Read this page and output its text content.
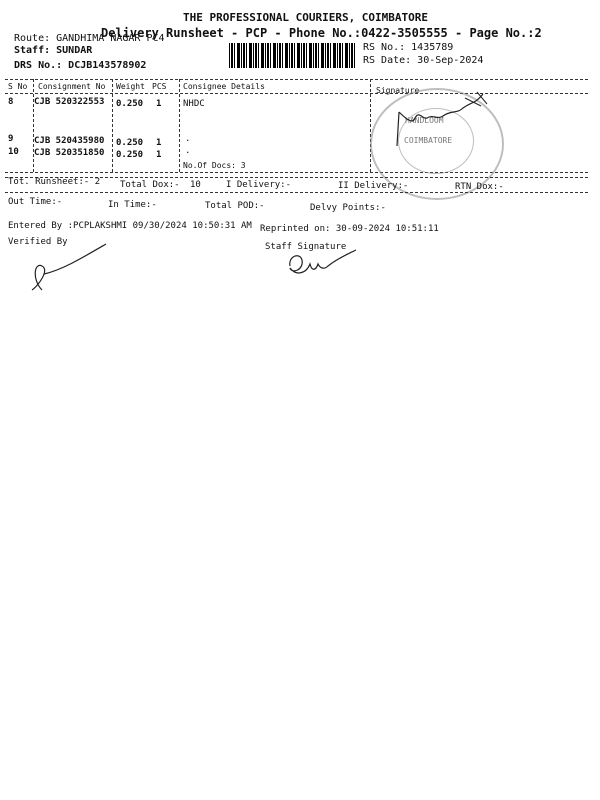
THE PROFESSIONAL COURIERS, COIMBATORE
Delivery Runsheet - PCP - Phone No.:0422-3505555 - Page No.:2
Route: GANDHIMA NAGAR PC4
Staff: SUNDAR
DRS No.: DCJB143578902
RS No.: 1435789
RS Date: 30-Sep-2024
S No Consignment No Weight PCS Consignee Details	Signature
8 CJB 520322553 0.250 1 NHDC
9 CJB 520435980 0.250 1	.
10 CJB 520351850 0.250 1	.
No.Of Docs: 3
HANDLOOM
COIMBATORE
Tot. Runsheet:- 2 Total Dox:- 10	I Delivery:-	II Delivery:-	RTN Dox:-
Out Time:-	In Time:-	Total POD:-	Delvy Points:-
Entered By :PCPLAKSHMI 09/30/2024 10:50:31 AM Reprinted on: 30-09-2024 10:51:11
Verified By	Staff Signature
